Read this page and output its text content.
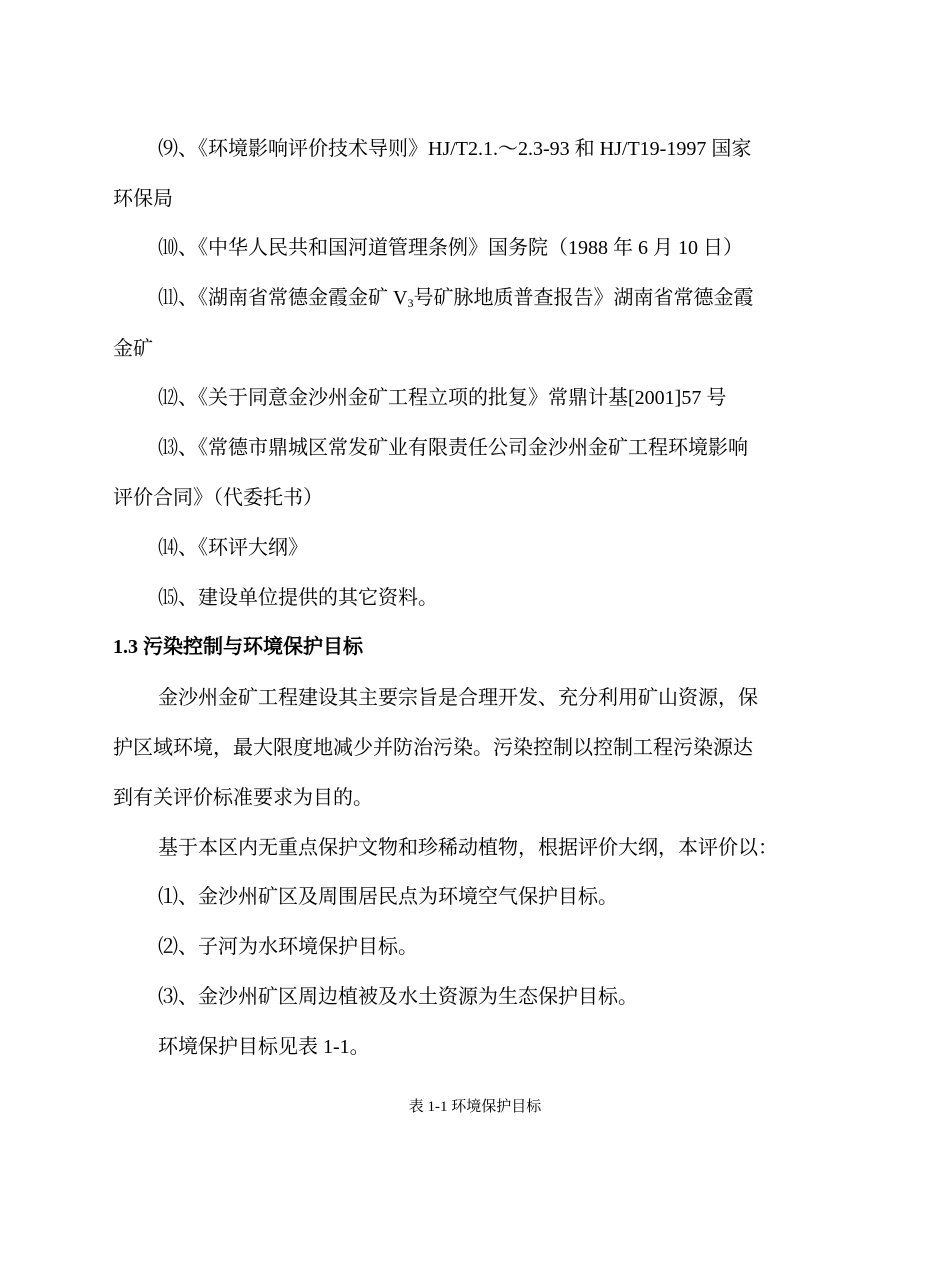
⑼、《环境影响评价技术导则》HJ/T2.1.～2.3-93 和 HJ/T19-1997 国家
环保局
⑽、《中华人民共和国河道管理条例》国务院（1988 年 6 月 10 日）
⑾、《湖南省常德金霞金矿 $V_3$号矿脉地质普查报告》湖南省常德金霞
金矿
⑿、《关于同意金沙州金矿工程立项的批复》常鼎计基[2001]57 号
⒀、《常德市鼎城区常发矿业有限责任公司金沙州金矿工程环境影响
评价合同》（代委托书）
⒁、《环评大纲》
⒂、建设单位提供的其它资料。
1.3 污染控制与环境保护目标
金沙州金矿工程建设其主要宗旨是合理开发、充分利用矿山资源，保
护区域环境，最大限度地减少并防治污染。污染控制以控制工程污染源达
到有关评价标准要求为目的。
基于本区内无重点保护文物和珍稀动植物，根据评价大纲，本评价以：
⑴、金沙州矿区及周围居民点为环境空气保护目标。
⑵、子河为水环境保护目标。
⑶、金沙州矿区周边植被及水土资源为生态保护目标。
环境保护目标见表 1-1。
表 1-1 环境保护目标
